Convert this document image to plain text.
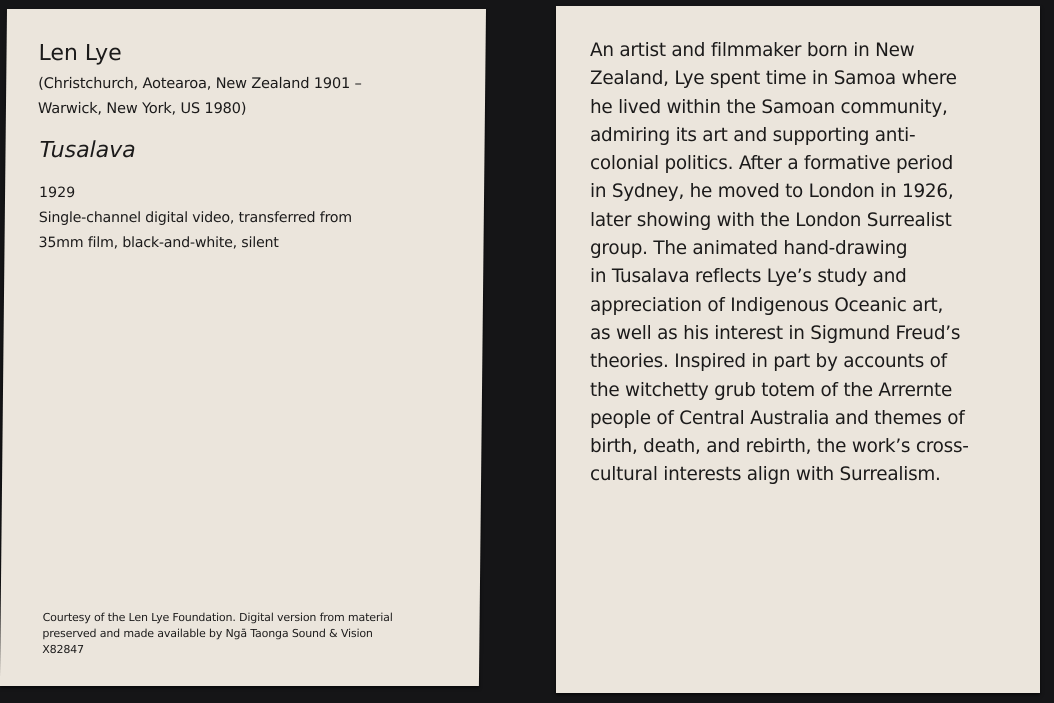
Len Lye
(Christchurch, Aotearoa, New Zealand 1901 –
Warwick, New York, US 1980)
Tusalava
1929
Single-channel digital video, transferred from
35mm film, black-and-white, silent
Courtesy of the Len Lye Foundation. Digital version from material
preserved and made available by Ngā Taonga Sound & Vision
X82847
An artist and filmmaker born in New
Zealand, Lye spent time in Samoa where
he lived within the Samoan community,
admiring its art and supporting anti-
colonial politics. After a formative period
in Sydney, he moved to London in 1926,
later showing with the London Surrealist
group. The animated hand-drawing
in Tusalava reflects Lye’s study and
appreciation of Indigenous Oceanic art,
as well as his interest in Sigmund Freud’s
theories. Inspired in part by accounts of
the witchetty grub totem of the Arrernte
people of Central Australia and themes of
birth, death, and rebirth, the work’s cross-
cultural interests align with Surrealism.
